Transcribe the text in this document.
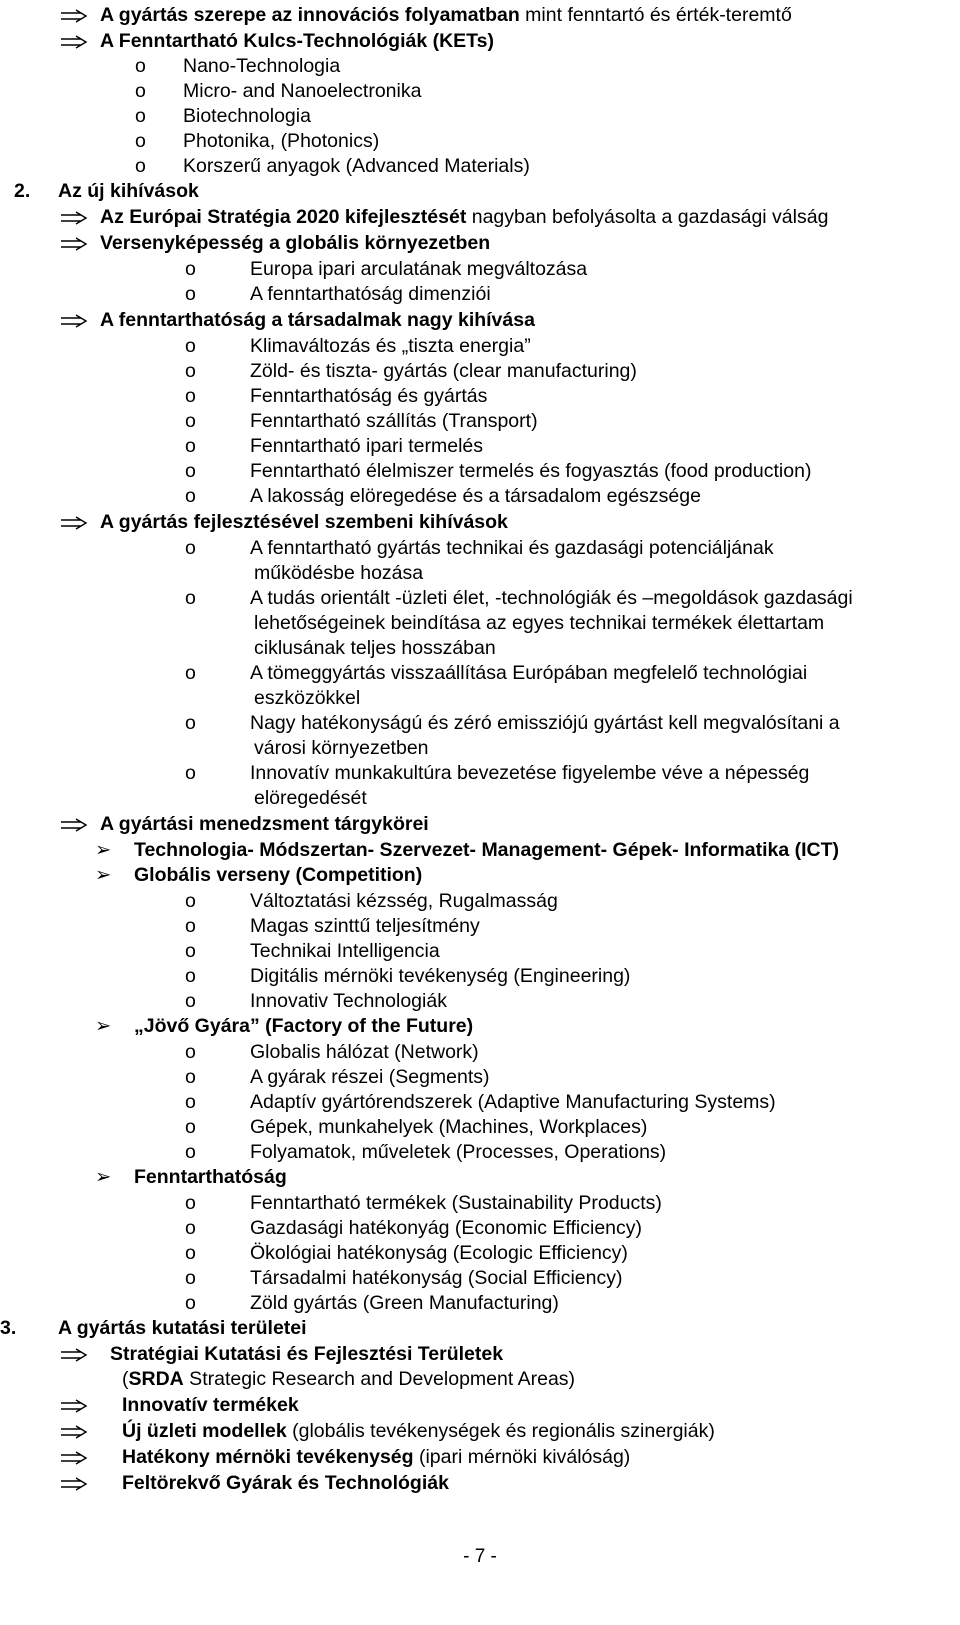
A gyártás szerepe az innovációs folyamatban mint fenntartó és érték-teremtő
A Fenntartható Kulcs-Technológiák (KETs)
o Nano-Technologia
o Micro- and Nanoelectronika
o Biotechnologia
o Photonika, (Photonics)
o Korszerű anyagok (Advanced Materials)
2. Az új kihívások
Az Európai Stratégia 2020 kifejlesztését nagyban befolyásolta a gazdasági válság
Versenyképesség a globális környezetben
o	Europa ipari arculatának megváltozása
o	A fenntarthatóság dimenziói
A fenntarthatóság a társadalmak nagy kihívása
o	Klimaváltozás és „tiszta energia”
o	Zöld- és tiszta- gyártás (clear manufacturing)
o	Fenntarthatóság és gyártás
o	Fenntartható szállítás (Transport)
o	Fenntartható ipari termelés
o	Fenntartható élelmiszer termelés és fogyasztás (food production)
o	A lakosság elöregedése és a társadalom egészsége
A gyártás fejlesztésével szembeni kihívások
o	A fenntartható gyártás technikai és gazdasági potenciáljának
működésbe hozása
o	A tudás orientált -üzleti élet, -technológiák és –megoldások gazdasági
lehetőségeinek beindítása az egyes technikai termékek élettartam
ciklusának teljes hosszában
o	A tömeggyártás visszaállítása Európában megfelelő technológiai
eszközökkel
o	Nagy hatékonyságú és zéró emissziójú gyártást kell megvalósítani a
városi környezetben
o	Innovatív munkakultúra bevezetése figyelembe véve a népesség
elöregedését
A gyártási menedzsment tárgykörei
➢ Technologia- Módszertan- Szervezet- Management- Gépek- Informatika (ICT)
➢ Globális verseny (Competition)
o	Változtatási kézsség, Rugalmasság
o	Magas szinttű teljesítmény
o	Technikai Intelligencia
o	Digitális mérnöki tevékenység (Engineering)
o	Innovativ Technologiák
➢ „Jövő Gyára” (Factory of the Future)
o	Globalis hálózat (Network)
o	A gyárak részei (Segments)
o	Adaptív gyártórendszerek (Adaptive Manufacturing Systems)
o	Gépek, munkahelyek (Machines, Workplaces)
o	Folyamatok, műveletek (Processes, Operations)
➢ Fenntarthatóság
o	Fenntartható termékek (Sustainability Products)
o	Gazdasági hatékonyág (Economic Efficiency)
o	Ökológiai hatékonyság (Ecologic Efficiency)
o	Társadalmi hatékonyság (Social Efficiency)
o	Zöld gyártás (Green Manufacturing)
3. A gyártás kutatási területei
Stratégiai Kutatási és Fejlesztési Területek
(SRDA Strategic Research and Development Areas)
Innovatív termékek
Új üzleti modellek (globális tevékenységek és regionális szinergiák)
Hatékony mérnöki tevékenység (ipari mérnöki kiválóság)
Feltörekvő Gyárak és Technológiák
- 7 -
